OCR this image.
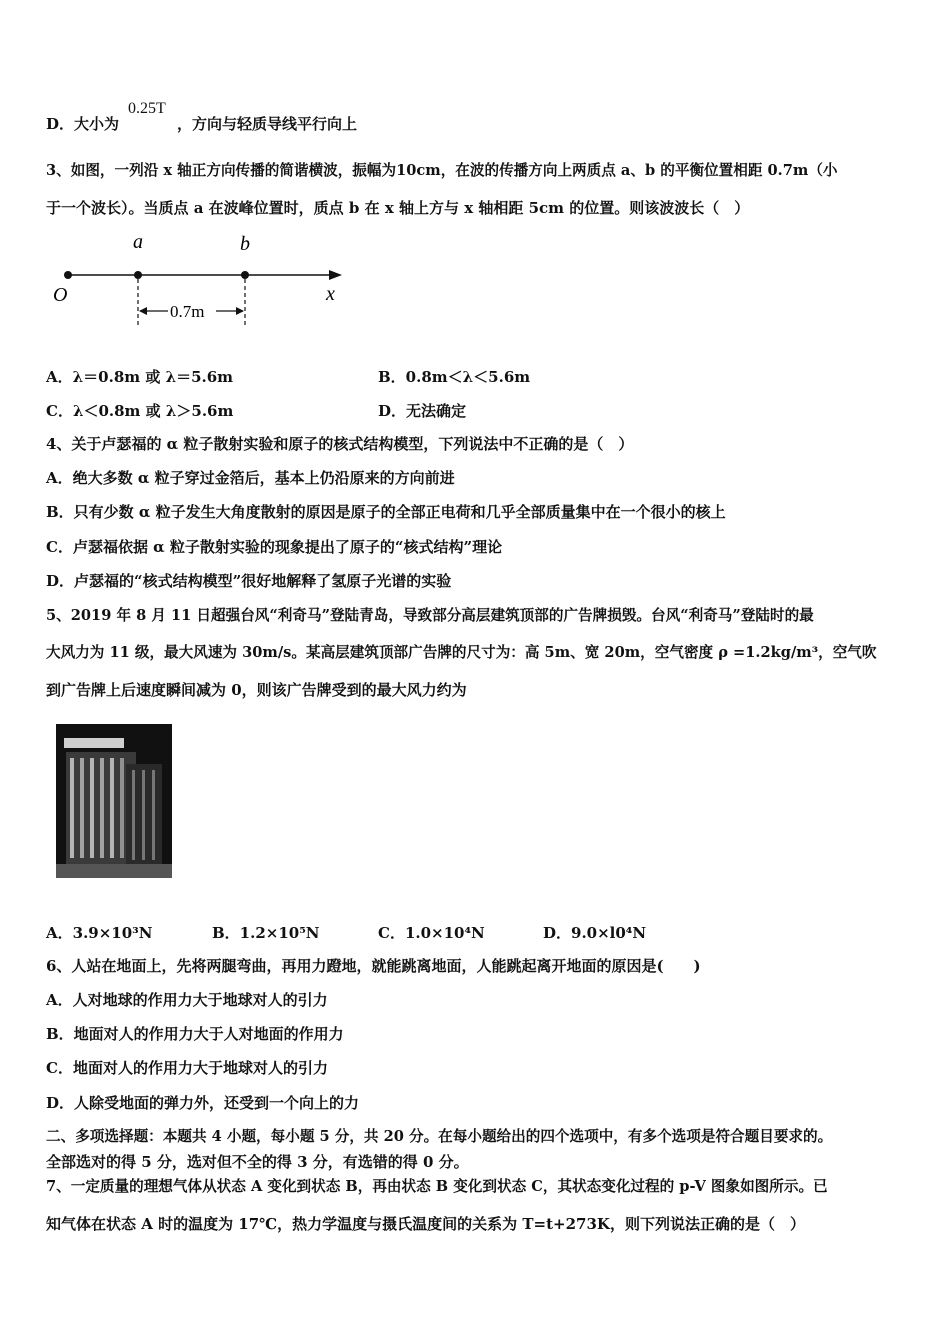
D．大小为	，方向与轻质导线平行向上
0.25T
3、如图，一列沿 x 轴正方向传播的简谐横波，振幅为10cm，在波的传播方向上两质点 a、b 的平衡位置相距 0.7m（小
于一个波长）。当质点 a 在波峰位置时，质点 b 在 x 轴上方与 x 轴相距 5cm 的位置。则该波波长（　）
O
a	b
x
0.7m
A．λ＝0.8m 或 λ＝5.6m	B．0.8m＜λ＜5.6m
C．λ＜0.8m 或 λ＞5.6m	D．无法确定
4、关于卢瑟福的 α 粒子散射实验和原子的核式结构模型，下列说法中不正确的是（　）
A．绝大多数 α 粒子穿过金箔后，基本上仍沿原来的方向前进
B．只有少数 α 粒子发生大角度散射的原因是原子的全部正电荷和几乎全部质量集中在一个很小的核上
C．卢瑟福依据 α 粒子散射实验的现象提出了原子的“核式结构”理论
D．卢瑟福的“核式结构模型”很好地解释了氢原子光谱的实验
5、2019 年 8 月 11 日超强台风“利奇马”登陆青岛，导致部分高层建筑顶部的广告牌损毁。台风“利奇马”登陆时的最
大风力为 11 级，最大风速为 30m/s。某高层建筑顶部广告牌的尺寸为：高 5m、宽 20m，空气密度 ρ =1.2kg/m³，空气吹
到广告牌上后速度瞬间减为 0，则该广告牌受到的最大风力约为
A．3.9×10³N	B．1.2×10⁵N	C．1.0×10⁴N	D．9.0×l0⁴N
6、人站在地面上，先将两腿弯曲，再用力蹬地，就能跳离地面，人能跳起离开地面的原因是(　　)
A．人对地球的作用力大于地球对人的引力
B．地面对人的作用力大于人对地面的作用力
C．地面对人的作用力大于地球对人的引力
D．人除受地面的弹力外，还受到一个向上的力
二、多项选择题：本题共 4 小题，每小题 5 分，共 20 分。在每小题给出的四个选项中，有多个选项是符合题目要求的。
全部选对的得 5 分，选对但不全的得 3 分，有选错的得 0 分。
7、一定质量的理想气体从状态 A 变化到状态 B，再由状态 B 变化到状态 C，其状态变化过程的 p-V 图象如图所示。已
知气体在状态 A 时的温度为 17℃，热力学温度与摄氏温度间的关系为 T=t+273K，则下列说法正确的是（　）
